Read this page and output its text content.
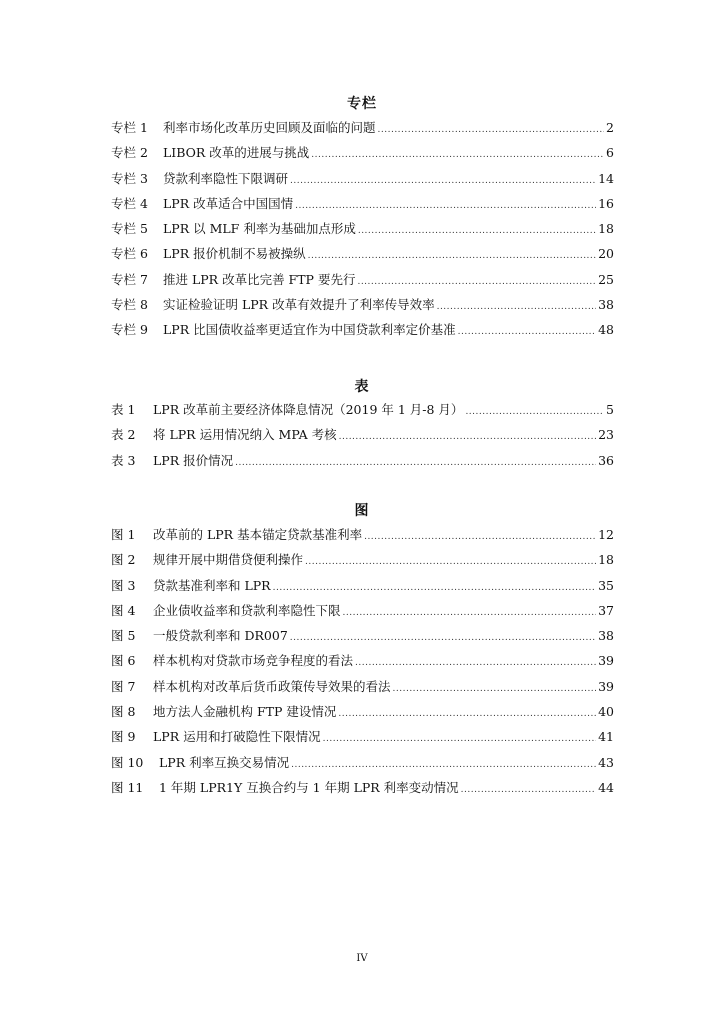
专栏
专栏 1	利率市场化改革历史回顾及面临的问题 .....	2
专栏 2	LIBOR 改革的进展与挑战 .....	6
专栏 3	贷款利率隐性下限调研 .....	14
专栏 4	LPR 改革适合中国国情 .....	16
专栏 5	LPR 以 MLF 利率为基础加点形成 .....	18
专栏 6	LPR 报价机制不易被操纵 .....	20
专栏 7	推进 LPR 改革比完善 FTP 要先行 .....	25
专栏 8	实证检验证明 LPR 改革有效提升了利率传导效率 .....	38
专栏 9	LPR 比国债收益率更适宜作为中国贷款利率定价基准 .....	48
表
表 1	LPR 改革前主要经济体降息情况（2019 年 1 月-8 月） .....	5
表 2	将 LPR 运用情况纳入 MPA 考核 .....	23
表 3	LPR 报价情况 .....	36
图
图 1	改革前的 LPR 基本锚定贷款基准利率 .....	12
图 2	规律开展中期借贷便利操作 .....	18
图 3	贷款基准利率和 LPR .....	35
图 4	企业债收益率和贷款利率隐性下限 .....	37
图 5	一般贷款利率和 DR007 .....	38
图 6	样本机构对贷款市场竞争程度的看法 .....	39
图 7	样本机构对改革后货币政策传导效果的看法 .....	39
图 8	地方法人金融机构 FTP 建设情况 .....	40
图 9	LPR 运用和打破隐性下限情况 .....	41
图 10	LPR 利率互换交易情况 .....	43
图 11	1 年期 LPR1Y 互换合约与 1 年期 LPR 利率变动情况 .....	44
IV
